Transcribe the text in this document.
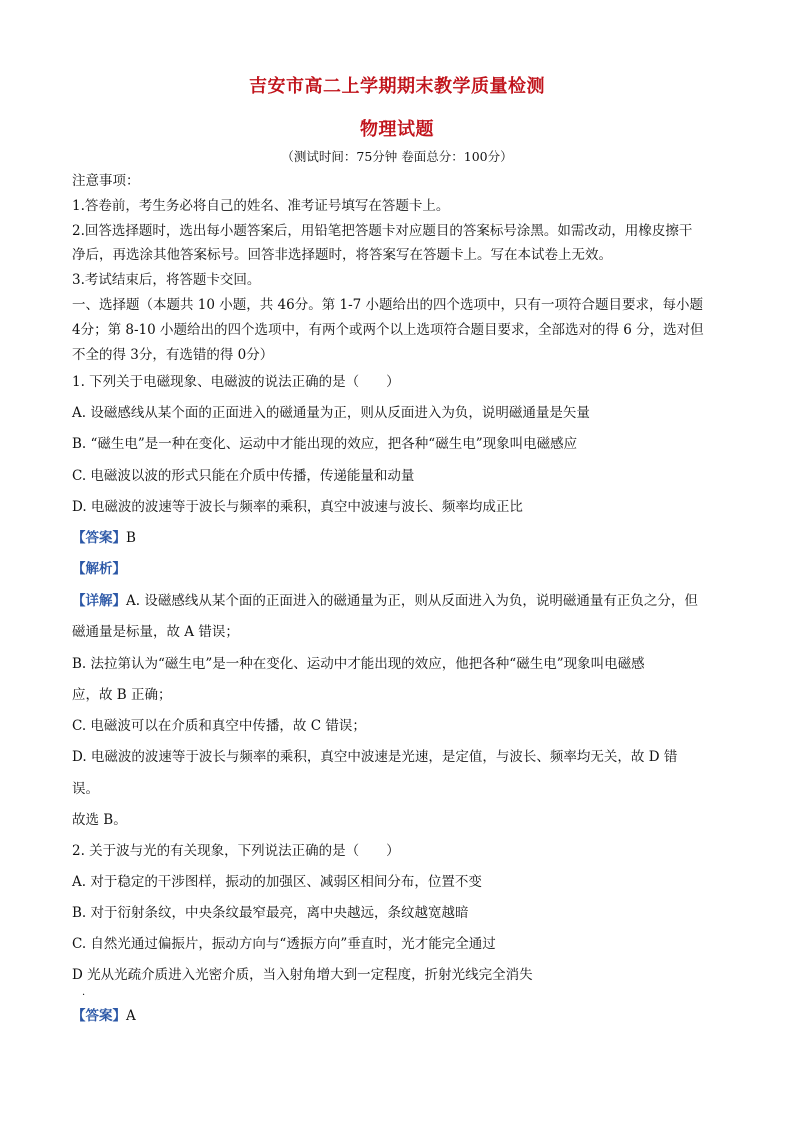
吉安市高二上学期期末教学质量检测
物理试题
（测试时间：75分钟 卷面总分：100分）
注意事项：
1.答卷前，考生务必将自己的姓名、准考证号填写在答题卡上。
2.回答选择题时，选出每小题答案后，用铅笔把答题卡对应题目的答案标号涂黑。如需改动，用橡皮擦干
净后，再选涂其他答案标号。回答非选择题时，将答案写在答题卡上。写在本试卷上无效。
3.考试结束后，将答题卡交回。
一、选择题（本题共 10 小题，共 46分。第 1-7 小题给出的四个选项中，只有一项符合题目要求，每小题
4分；第 8-10 小题给出的四个选项中，有两个或两个以上选项符合题目要求，全部选对的得 6 分，选对但
不全的得 3分，有选错的得 0分）
1. 下列关于电磁现象、电磁波的说法正确的是（　　）
A. 设磁感线从某个面的正面进入的磁通量为正，则从反面进入为负，说明磁通量是矢量
B. “磁生电”是一种在变化、运动中才能出现的效应，把各种“磁生电”现象叫电磁感应
C. 电磁波以波的形式只能在介质中传播，传递能量和动量
D. 电磁波的波速等于波长与频率的乘积，真空中波速与波长、频率均成正比
【答案】B
【解析】
【详解】A. 设磁感线从某个面的正面进入的磁通量为正，则从反面进入为负，说明磁通量有正负之分，但
磁通量是标量，故 A 错误；
B. 法拉第认为“磁生电”是一种在变化、运动中才能出现的效应，他把各种“磁生电”现象叫电磁感
应，故 B 正确；
C. 电磁波可以在介质和真空中传播，故 C 错误；
D. 电磁波的波速等于波长与频率的乘积，真空中波速是光速，是定值，与波长、频率均无关，故 D 错
误。
故选 B。
2. 关于波与光的有关现象，下列说法正确的是（　　）
A. 对于稳定的干涉图样，振动的加强区、减弱区相间分布，位置不变
B. 对于衍射条纹，中央条纹最窄最亮，离中央越远，条纹越宽越暗
C. 自然光通过偏振片，振动方向与“透振方向”垂直时，光才能完全通过
D 光从光疏介质进入光密介质，当入射角增大到一定程度，折射光线完全消失
·
【答案】A
